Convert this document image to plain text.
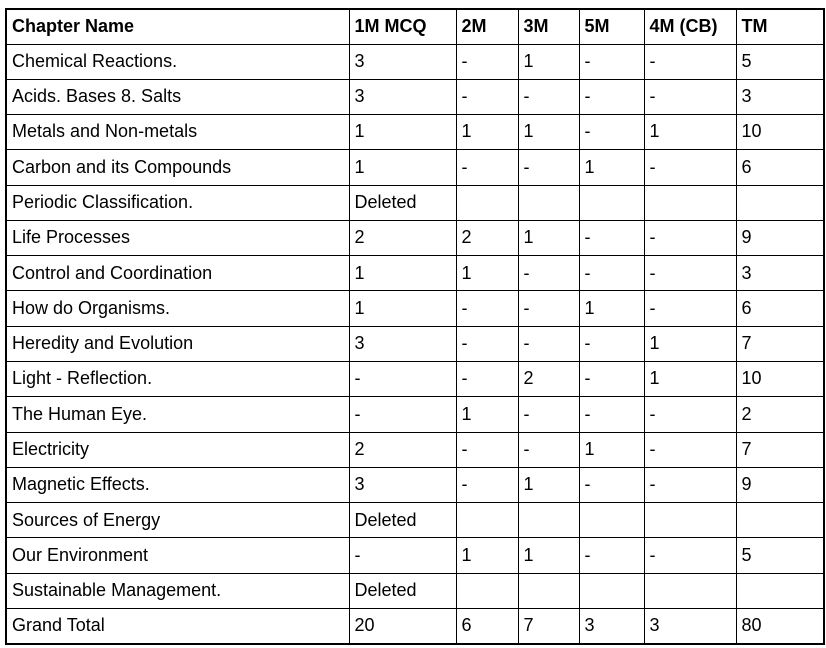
Chapter Name	1M MCQ	2M	3M	5M	4M (CB)	TM
Chemical Reactions.	3	-	1	-	-	5
Acids. Bases 8. Salts	3	-	-	-	-	3
Metals and Non-metals	1	1	1	-	1	10
Carbon and its Compounds	1	-	-	1	-	6
Periodic Classification.	Deleted					
Life Processes	2	2	1	-	-	9
Control and Coordination	1	1	-	-	-	3
How do Organisms.	1	-	-	1	-	6
Heredity and Evolution	3	-	-	-	1	7
Light - Reflection.	-	-	2	-	1	10
The Human Eye.	-	1	-	-	-	2
Electricity	2	-	-	1	-	7
Magnetic Effects.	3	-	1	-	-	9
Sources of Energy	Deleted					
Our Environment	-	1	1	-	-	5
Sustainable Management.	Deleted					
Grand Total	20	6	7	3	3	80
